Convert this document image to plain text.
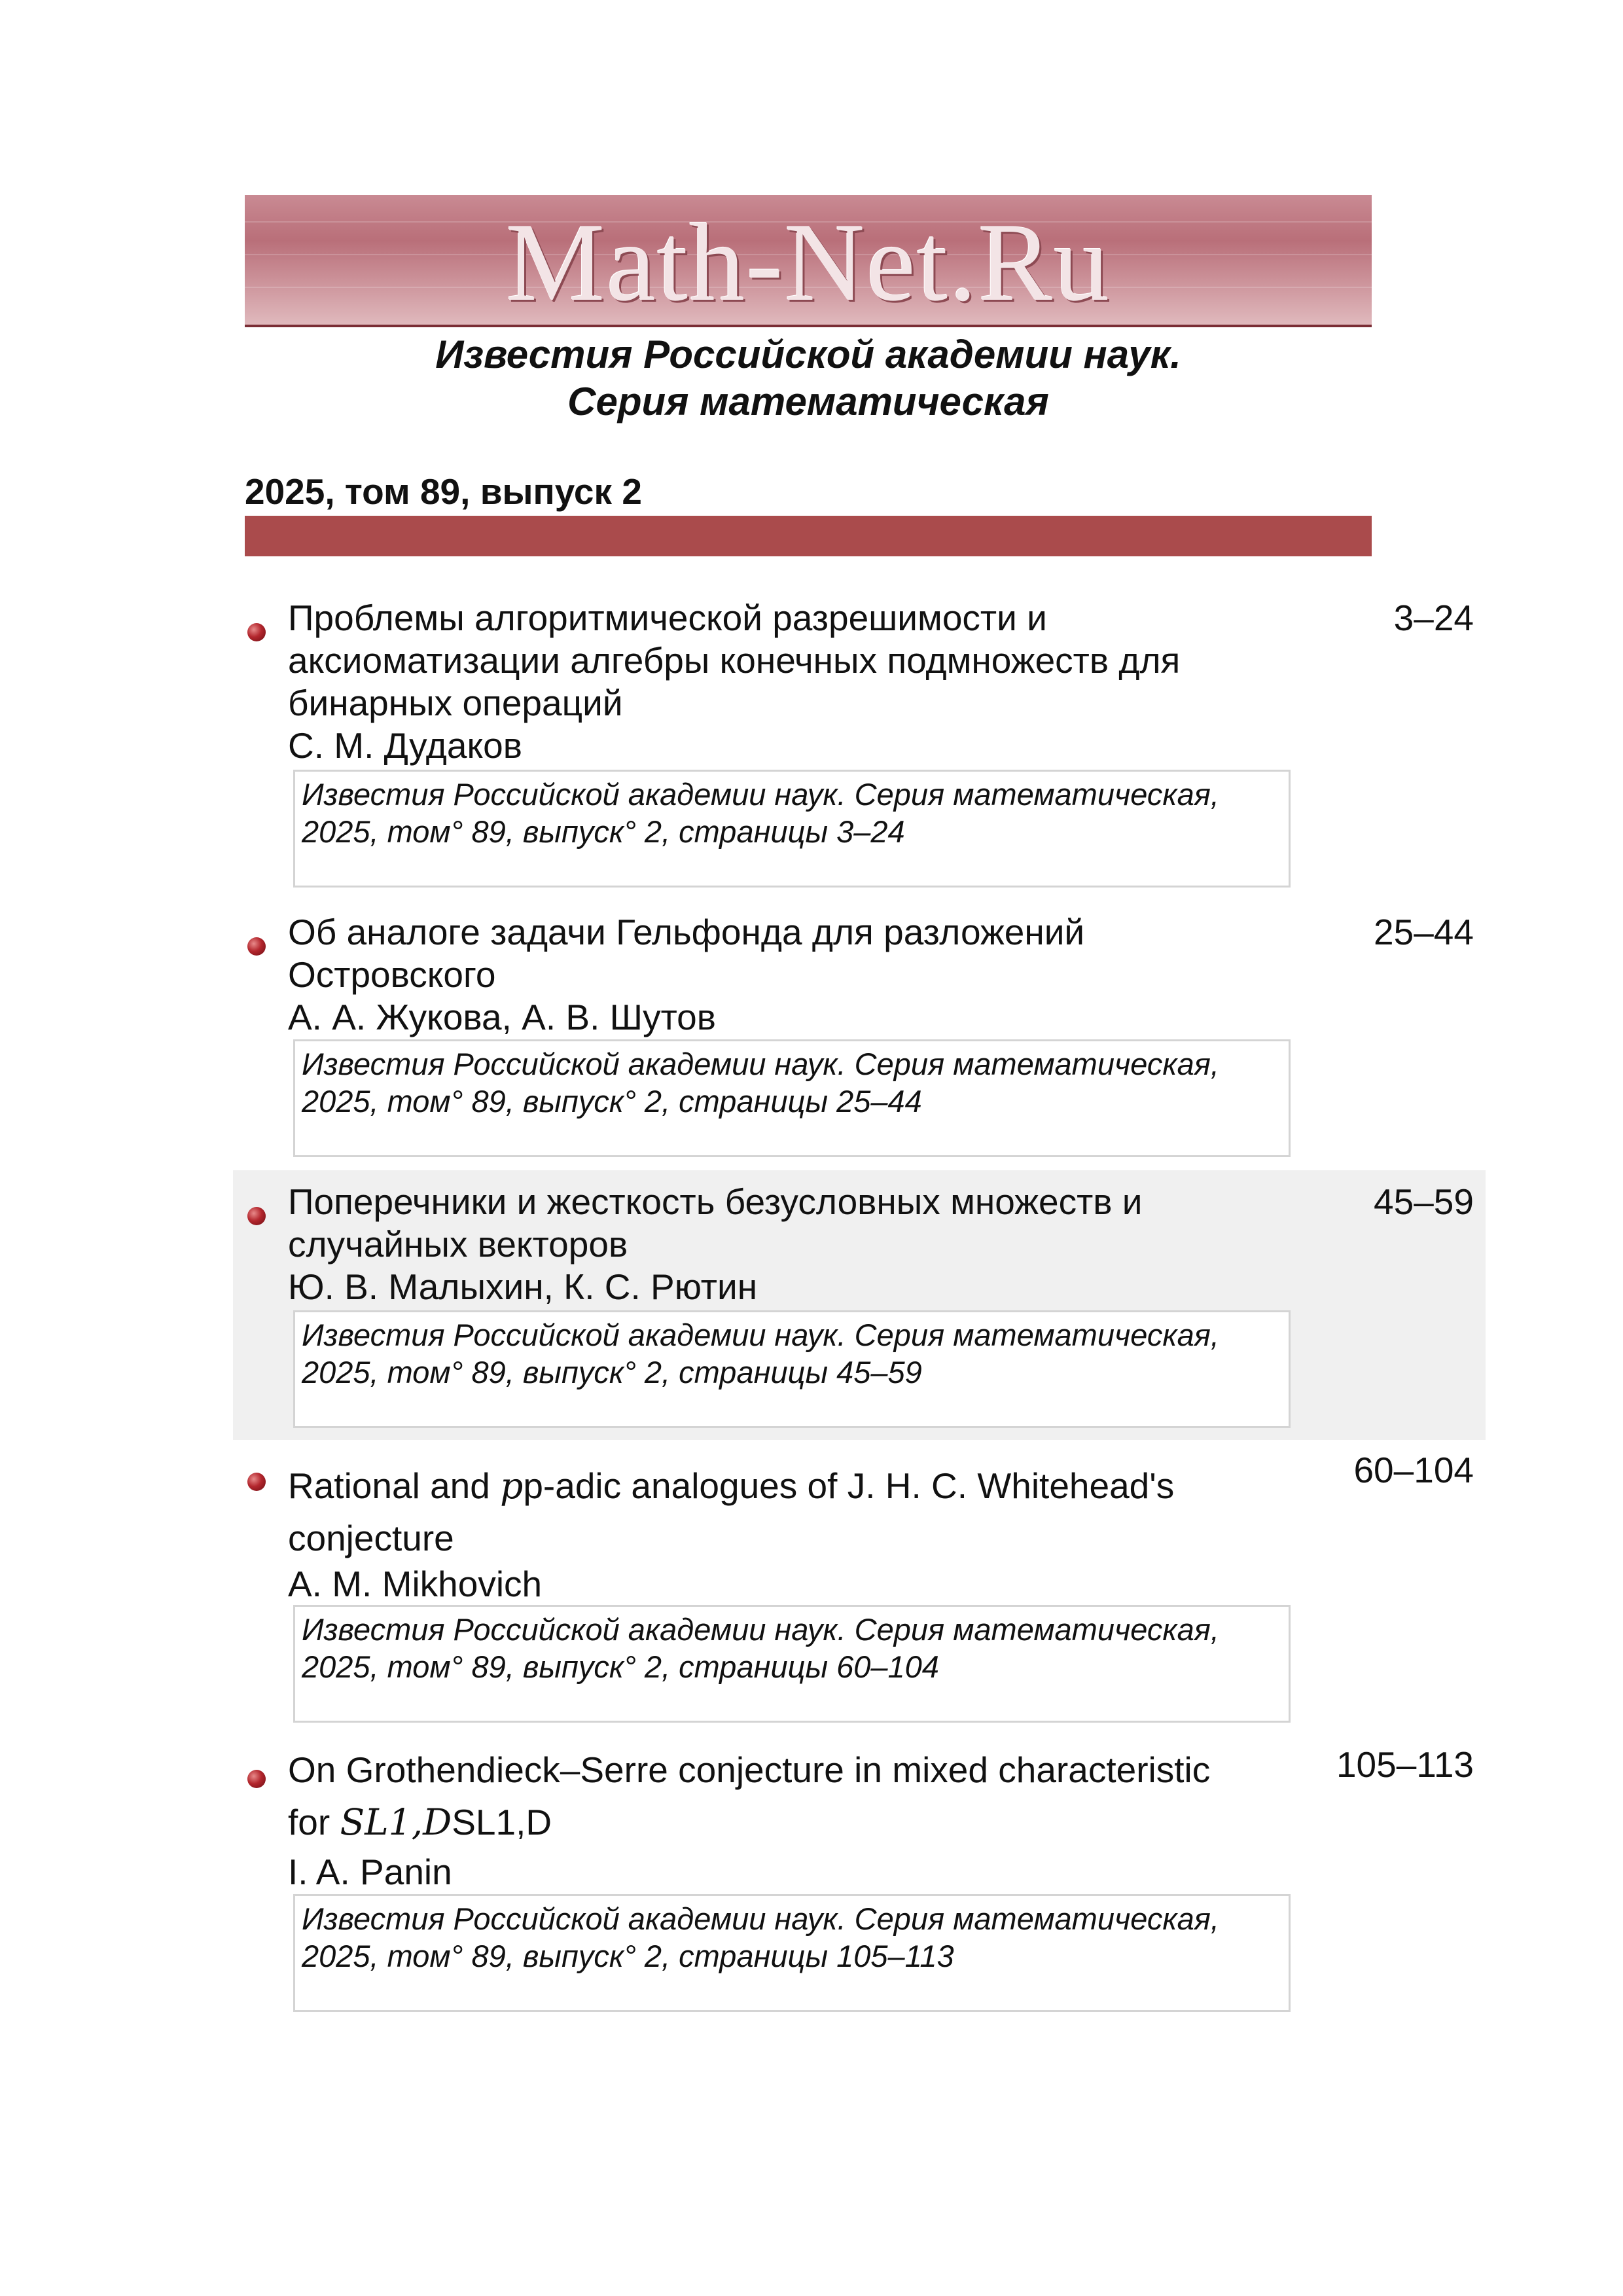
Math-Net.Ru
Известия Российской академии наук.
Серия математическая
2025, том 89, выпуск 2
Проблемы алгоритмической разрешимости и
аксиоматизации алгебры конечных подмножеств для
бинарных операций
С. М. Дудаков
3–24
Известия Российской академии наук. Серия математическая,
2025, том° 89, выпуск° 2, страницы 3–24
Об аналоге задачи Гельфонда для разложений
Островского
А. А. Жукова, А. В. Шутов
25–44
Известия Российской академии наук. Серия математическая,
2025, том° 89, выпуск° 2, страницы 25–44
Поперечники и жесткость безусловных множеств и
случайных векторов
Ю. В. Малыхин, К. С. Рютин
45–59
Известия Российской академии наук. Серия математическая,
2025, том° 89, выпуск° 2, страницы 45–59
Rational and pp-adic analogues of J. H. C. Whitehead's
conjecture
A. M. Mikhovich
60–104
Известия Российской академии наук. Серия математическая,
2025, том° 89, выпуск° 2, страницы 60–104
On Grothendieck–Serre conjecture in mixed characteristic
for SL1,DSL1,D
I. A. Panin
105–113
Известия Российской академии наук. Серия математическая,
2025, том° 89, выпуск° 2, страницы 105–113
